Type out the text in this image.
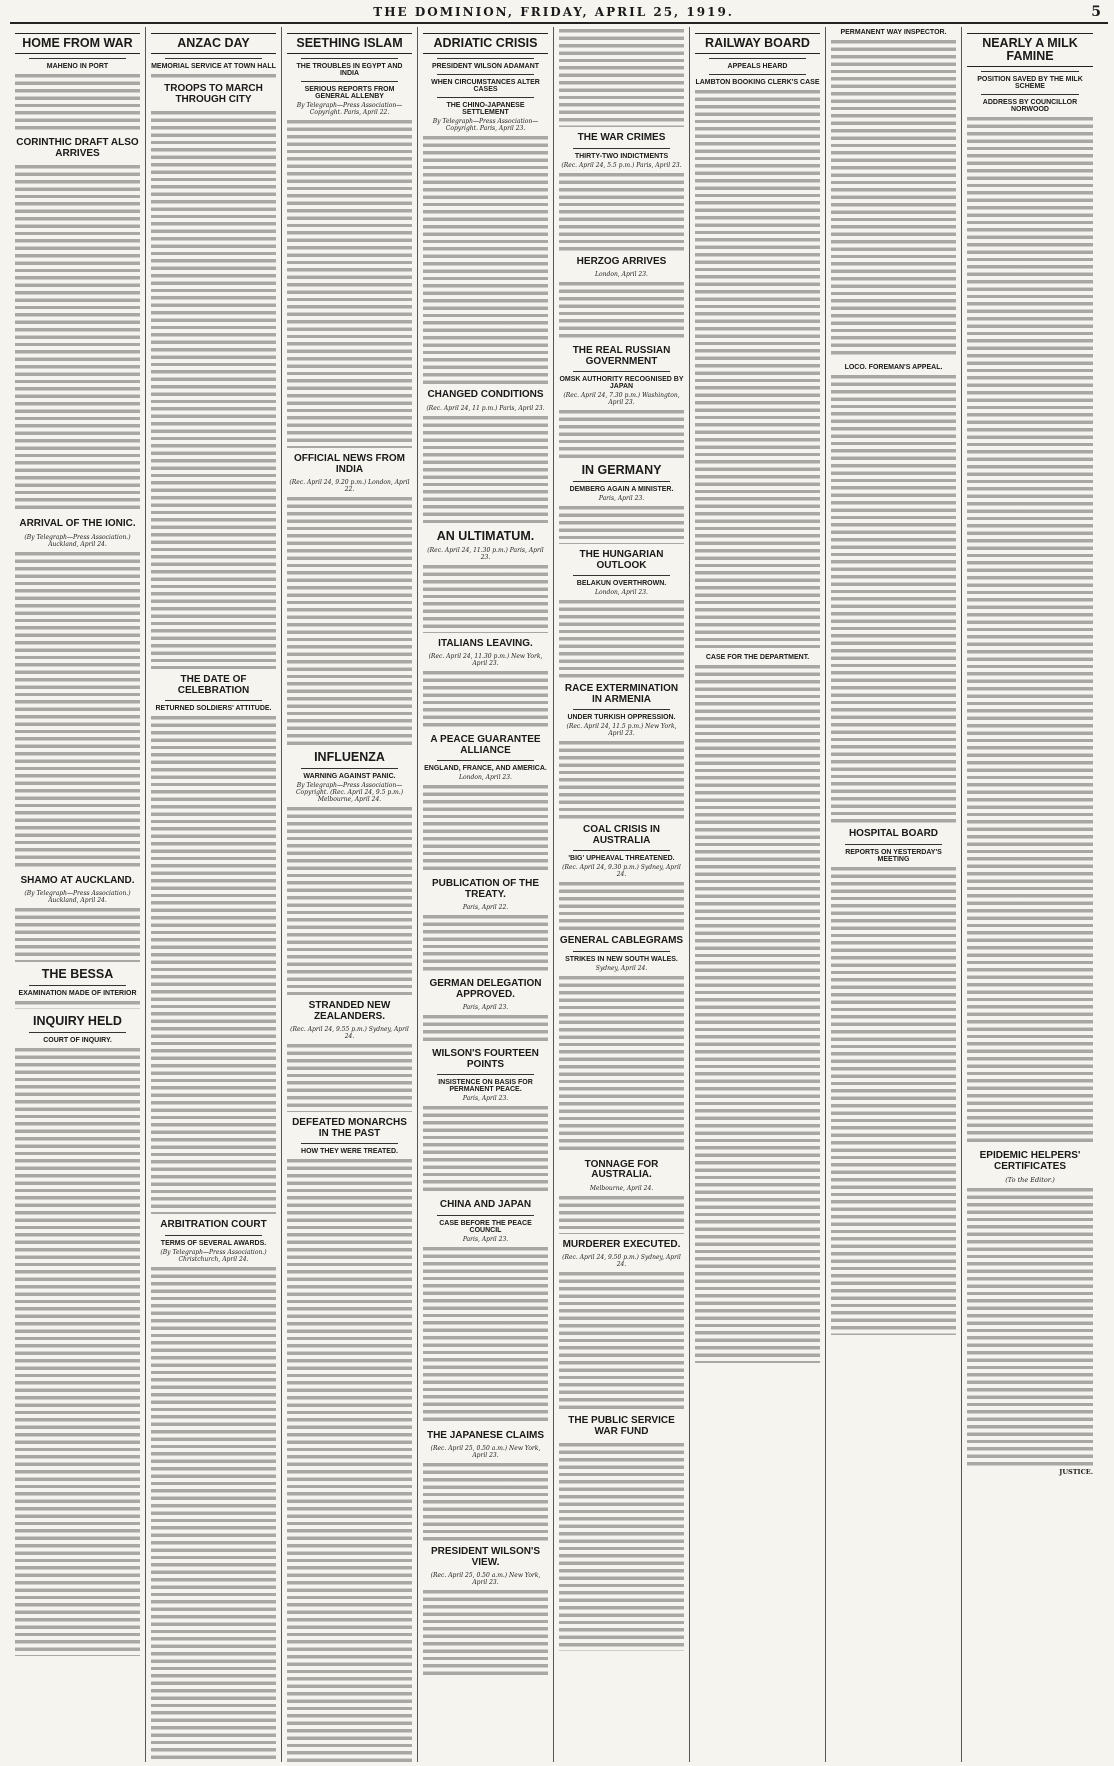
THE DOMINION, FRIDAY, APRIL 25, 1919.	5
HOME FROM WAR
MAHENO IN PORT
CORINTHIC DRAFT ALSO ARRIVES
ARRIVAL OF THE IONIC.
(By Telegraph—Press Association.) Auckland, April 24.
SHAMO AT AUCKLAND.
(By Telegraph—Press Association.) Auckland, April 24.
THE BESSA
EXAMINATION MADE OF INTERIOR
INQUIRY HELD
COURT OF INQUIRY.
ANZAC DAY
MEMORIAL SERVICE AT TOWN HALL
TROOPS TO MARCH THROUGH CITY
THE DATE OF CELEBRATION
RETURNED SOLDIERS' ATTITUDE.
ARBITRATION COURT
TERMS OF SEVERAL AWARDS.
(By Telegraph—Press Association.) Christchurch, April 24.
SEETHING ISLAM
THE TROUBLES IN EGYPT AND INDIA
SERIOUS REPORTS FROM GENERAL ALLENBY
By Telegraph—Press Association—Copyright. Paris, April 22.
OFFICIAL NEWS FROM INDIA
(Rec. April 24, 9.20 p.m.) London, April 22.
INFLUENZA
WARNING AGAINST PANIC.
By Telegraph—Press Association—Copyright. (Rec. April 24, 9.5 p.m.) Melbourne, April 24.
STRANDED NEW ZEALANDERS.
(Rec. April 24, 9.55 p.m.) Sydney, April 24.
DEFEATED MONARCHS IN THE PAST
HOW THEY WERE TREATED.
ADRIATIC CRISIS
PRESIDENT WILSON ADAMANT
WHEN CIRCUMSTANCES ALTER CASES
THE CHINO-JAPANESE SETTLEMENT
By Telegraph—Press Association—Copyright. Paris, April 23.
CHANGED CONDITIONS
(Rec. April 24, 11 p.m.) Paris, April 23.
AN ULTIMATUM.
(Rec. April 24, 11.30 p.m.) Paris, April 23.
ITALIANS LEAVING.
(Rec. April 24, 11.30 p.m.) New York, April 23.
A PEACE GUARANTEE ALLIANCE
ENGLAND, FRANCE, AND AMERICA.
London, April 23.
PUBLICATION OF THE TREATY.
Paris, April 22.
GERMAN DELEGATION APPROVED.
Paris, April 23.
WILSON'S FOURTEEN POINTS
INSISTENCE ON BASIS FOR PERMANENT PEACE.
Paris, April 23.
CHINA AND JAPAN
CASE BEFORE THE PEACE COUNCIL
Paris, April 23.
THE JAPANESE CLAIMS
(Rec. April 25, 0.50 a.m.) New York, April 23.
PRESIDENT WILSON'S VIEW.
(Rec. April 25, 0.50 a.m.) New York, April 23.
THE WAR CRIMES
THIRTY-TWO INDICTMENTS
(Rec. April 24, 5.5 p.m.) Paris, April 23.
HERZOG ARRIVES
London, April 23.
THE REAL RUSSIAN GOVERNMENT
OMSK AUTHORITY RECOGNISED BY JAPAN
(Rec. April 24, 7.30 p.m.) Washington, April 23.
IN GERMANY
DEMBERG AGAIN A MINISTER.
Paris, April 23.
THE HUNGARIAN OUTLOOK
BELAKUN OVERTHROWN.
London, April 23.
RACE EXTERMINATION IN ARMENIA
UNDER TURKISH OPPRESSION.
(Rec. April 24, 11.5 p.m.) New York, April 23.
COAL CRISIS IN AUSTRALIA
'BIG' UPHEAVAL THREATENED.
(Rec. April 24, 9.30 p.m.) Sydney, April 24.
GENERAL CABLEGRAMS
STRIKES IN NEW SOUTH WALES.
Sydney, April 24.
TONNAGE FOR AUSTRALIA.
Melbourne, April 24.
MURDERER EXECUTED.
(Rec. April 24, 9.50 p.m.) Sydney, April 24.
THE PUBLIC SERVICE WAR FUND
RAILWAY BOARD
APPEALS HEARD
LAMBTON BOOKING CLERK'S CASE
CASE FOR THE DEPARTMENT.
PERMANENT WAY INSPECTOR.
LOCO. FOREMAN'S APPEAL.
HOSPITAL BOARD
REPORTS ON YESTERDAY'S MEETING
NEARLY A MILK FAMINE
POSITION SAVED BY THE MILK SCHEME
ADDRESS BY COUNCILLOR NORWOOD
EPIDEMIC HELPERS' CERTIFICATES
(To the Editor.)
JUSTICE.
